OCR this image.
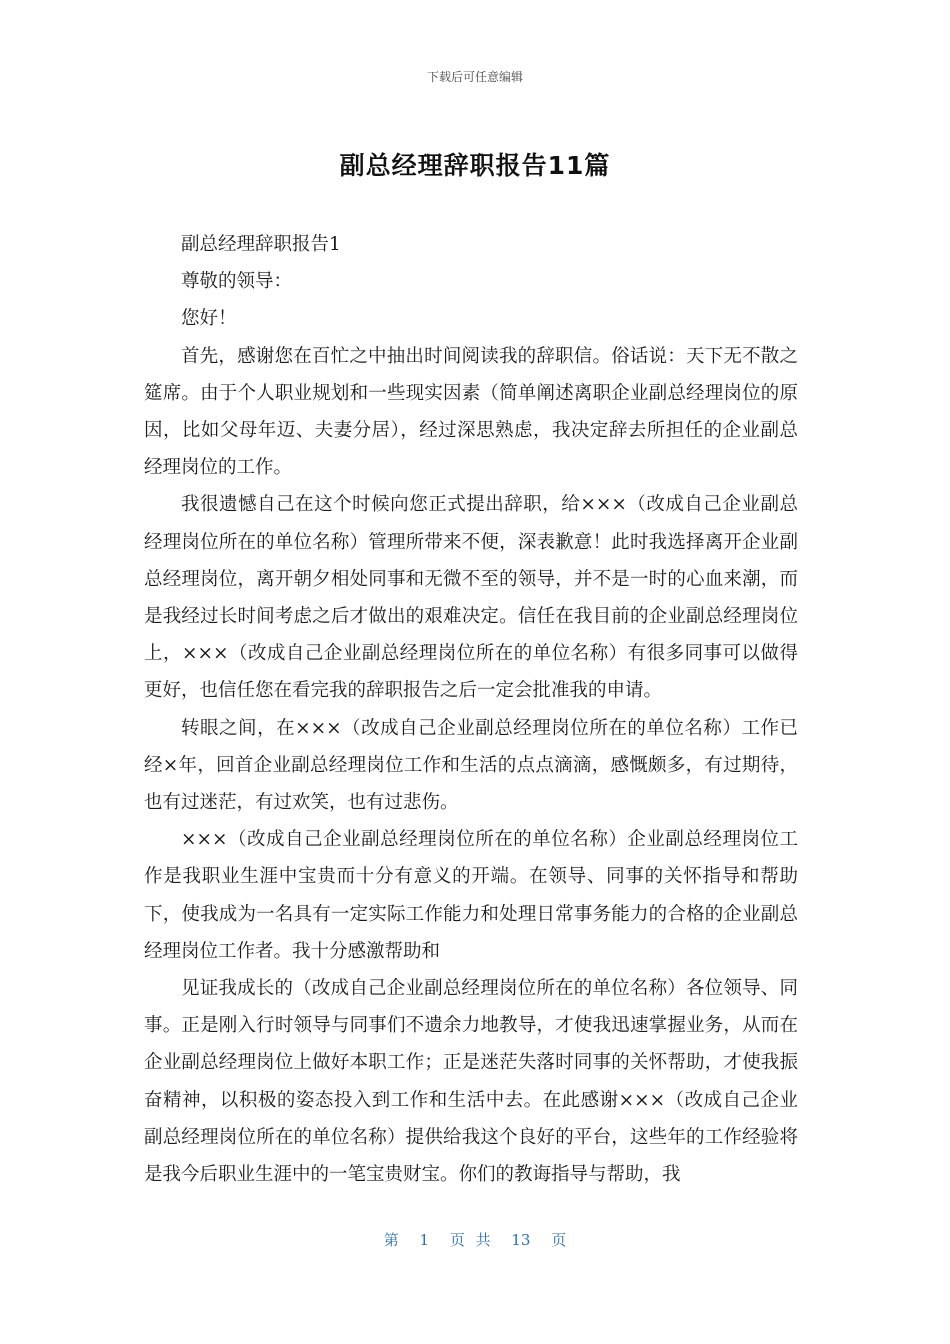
下载后可任意编辑
副总经理辞职报告11篇

副总经理辞职报告1

尊敬的领导：

您好！

首先，感谢您在百忙之中抽出时间阅读我的辞职信。俗话说：天下无不散之筵席。由于个人职业规划和一些现实因素（简单阐述离职企业副总经理岗位的原因，比如父母年迈、夫妻分居），经过深思熟虑，我决定辞去所担任的企业副总经理岗位的工作。

我很遗憾自己在这个时候向您正式提出辞职，给×××（改成自己企业副总经理岗位所在的单位名称）管理所带来不便，深表歉意！此时我选择离开企业副总经理岗位，离开朝夕相处同事和无微不至的领导，并不是一时的心血来潮，而是我经过长时间考虑之后才做出的艰难决定。信任在我目前的企业副总经理岗位上，×××（改成自己企业副总经理岗位所在的单位名称）有很多同事可以做得更好，也信任您在看完我的辞职报告之后一定会批准我的申请。

转眼之间，在×××（改成自己企业副总经理岗位所在的单位名称）工作已经×年，回首企业副总经理岗位工作和生活的点点滴滴，感慨颇多，有过期待，也有过迷茫，有过欢笑，也有过悲伤。

×××（改成自己企业副总经理岗位所在的单位名称）企业副总经理岗位工作是我职业生涯中宝贵而十分有意义的开端。在领导、同事的关怀指导和帮助下，使我成为一名具有一定实际工作能力和处理日常事务能力的合格的企业副总经理岗位工作者。我十分感激帮助和

见证我成长的（改成自己企业副总经理岗位所在的单位名称）各位领导、同事。正是刚入行时领导与同事们不遗余力地教导，才使我迅速掌握业务，从而在企业副总经理岗位上做好本职工作；正是迷茫失落时同事的关怀帮助，才使我振奋精神，以积极的姿态投入到工作和生活中去。在此感谢×××（改成自己企业副总经理岗位所在的单位名称）提供给我这个良好的平台，这些年的工作经验将是我今后职业生涯中的一笔宝贵财宝。你们的教诲指导与帮助，我

第 1 页 共 13 页
